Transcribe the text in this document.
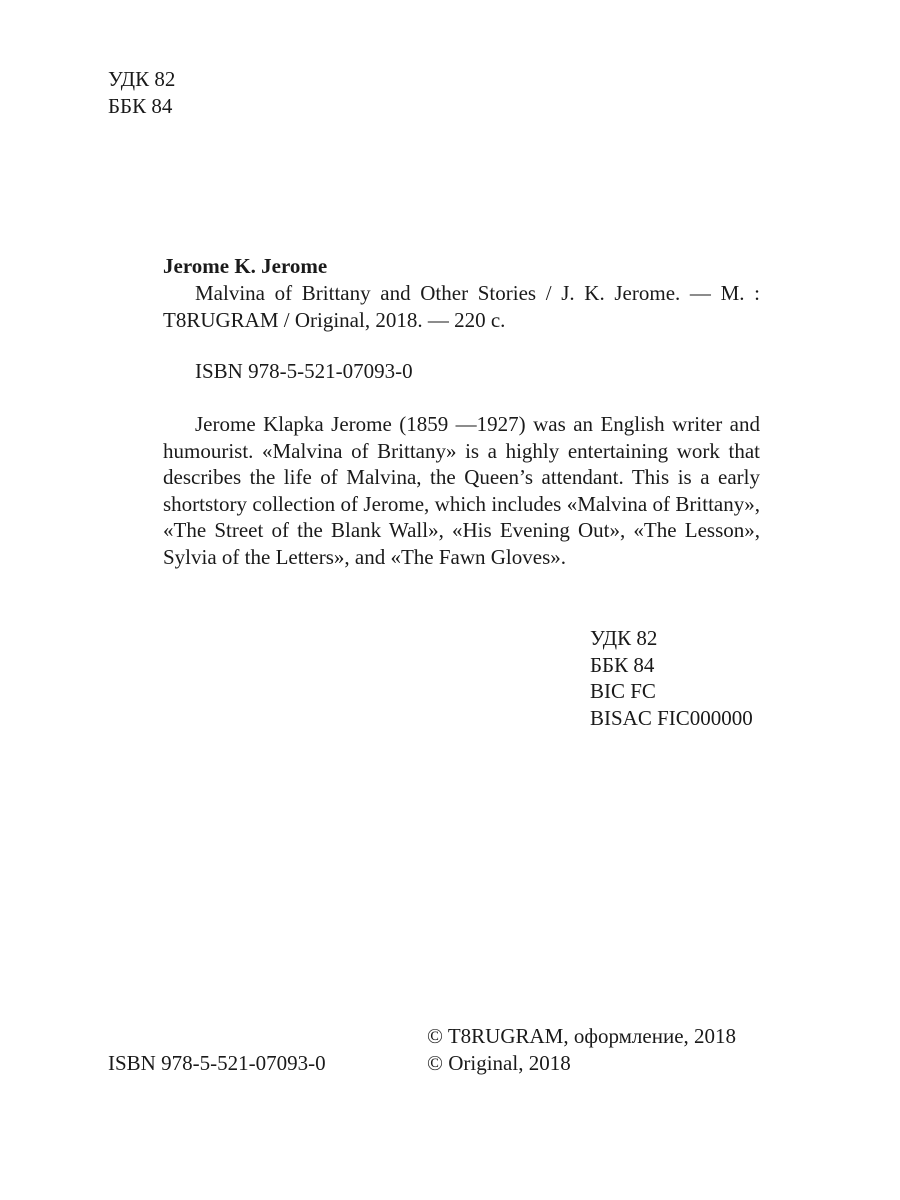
УДК 82
ББК 84
Jerome K. Jerome
Malvina of Brittany and Other Stories / J. K. Jerome. — M. : T8RUGRAM / Original, 2018. — 220 с.
ISBN 978-5-521-07093-0
Jerome Klapka Jerome (1859 —1927) was an English writer and humourist. «Malvina of Brittany» is a highly entertaining work that describes the life of Malvina, the Queen’s attendant. This is a early shortstory collection of Jerome, which includes «Malvina of Brittany», «The Street of the Blank Wall», «His Evening Out», «The Lesson», Sylvia of the Letters», and «The Fawn Gloves».
УДК 82
ББК 84
BIC FC
BISAC FIC000000
ISBN 978-5-521-07093-0
© T8RUGRAM, оформление, 2018
© Original, 2018
